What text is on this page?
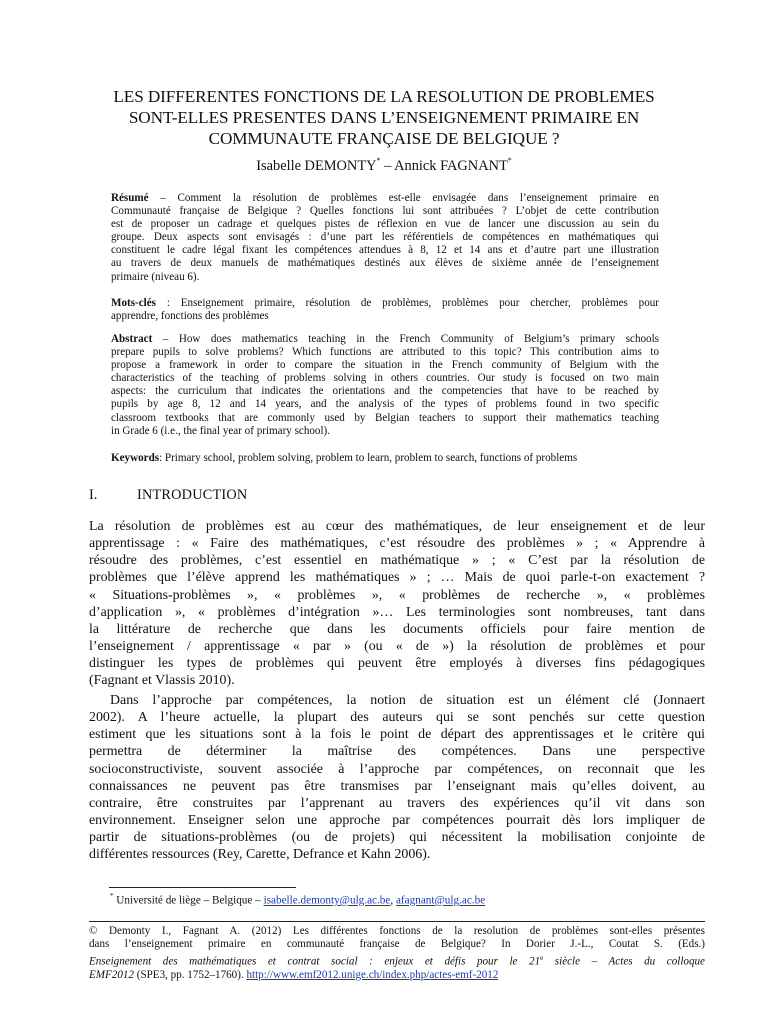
LES DIFFERENTES FONCTIONS DE LA RESOLUTION DE PROBLEMES
SONT-ELLES PRESENTES DANS L’ENSEIGNEMENT PRIMAIRE EN
COMMUNAUTE FRANÇAISE DE BELGIQUE ?
Isabelle DEMONTY* – Annick FAGNANT*
Résumé – Comment la résolution de problèmes est-elle envisagée dans l’enseignement primaire en
Communauté française de Belgique ? Quelles fonctions lui sont attribuées ? L’objet de cette contribution
est de proposer un cadrage et quelques pistes de réflexion en vue de lancer une discussion au sein du
groupe. Deux aspects sont envisagés : d’une part les référentiels de compétences en mathématiques qui
constituent le cadre légal fixant les compétences attendues à 8, 12 et 14 ans et d’autre part une illustration
au travers de deux manuels de mathématiques destinés aux élèves de sixième année de l’enseignement
primaire (niveau 6).
Mots-clés : Enseignement primaire, résolution de problèmes, problèmes pour chercher, problèmes pour
apprendre, fonctions des problèmes
Abstract – How does mathematics teaching in the French Community of Belgium’s primary schools
prepare pupils to solve problems? Which functions are attributed to this topic? This contribution aims to
propose a framework in order to compare the situation in the French community of Belgium with the
characteristics of the teaching of problems solving in others countries. Our study is focused on two main
aspects: the curriculum that indicates the orientations and the competencies that have to be reached by
pupils by age 8, 12 and 14 years, and the analysis of the types of problems found in two specific
classroom textbooks that are commonly used by Belgian teachers to support their mathematics teaching
in Grade 6 (i.e., the final year of primary school).
Keywords: Primary school, problem solving, problem to learn, problem to search, functions of problems
I.	INTRODUCTION
La résolution de problèmes est au cœur des mathématiques, de leur enseignement et de leur
apprentissage : « Faire des mathématiques, c’est résoudre des problèmes » ; « Apprendre à
résoudre des problèmes, c’est essentiel en mathématique » ; « C’est par la résolution de
problèmes que l’élève apprend les mathématiques » ; … Mais de quoi parle-t-on exactement ?
« Situations-problèmes », « problèmes », « problèmes de recherche », « problèmes
d’application », « problèmes d’intégration »… Les terminologies sont nombreuses, tant dans
la littérature de recherche que dans les documents officiels pour faire mention de
l’enseignement / apprentissage « par » (ou « de ») la résolution de problèmes et pour
distinguer les types de problèmes qui peuvent être employés à diverses fins pédagogiques
(Fagnant et Vlassis 2010).
Dans l’approche par compétences, la notion de situation est un élément clé (Jonnaert
2002). A l’heure actuelle, la plupart des auteurs qui se sont penchés sur cette question
estiment que les situations sont à la fois le point de départ des apprentissages et le critère qui
permettra de déterminer la maîtrise des compétences. Dans une perspective
socioconstructiviste, souvent associée à l’approche par compétences, on reconnait que les
connaissances ne peuvent pas être transmises par l’enseignant mais qu’elles doivent, au
contraire, être construites par l’apprenant au travers des expériences qu’il vit dans son
environnement. Enseigner selon une approche par compétences pourrait dès lors impliquer de
partir de situations-problèmes (ou de projets) qui nécessitent la mobilisation conjointe de
différentes ressources (Rey, Carette, Defrance et Kahn 2006).
* Université de liège – Belgique – isabelle.demonty@ulg.ac.be, afagnant@ulg.ac.be
© Demonty I., Fagnant A. (2012) Les différentes fonctions de la resolution de problèmes sont-elles présentes
dans l’enseignement primaire en communauté française de Belgique? In Dorier J.-L., Coutat S. (Eds.)
Enseignement des mathématiques et contrat social : enjeux et défis pour le 21e siècle – Actes du colloque
EMF2012 (SPE3, pp. 1752–1760). http://www.emf2012.unige.ch/index.php/actes-emf-2012
